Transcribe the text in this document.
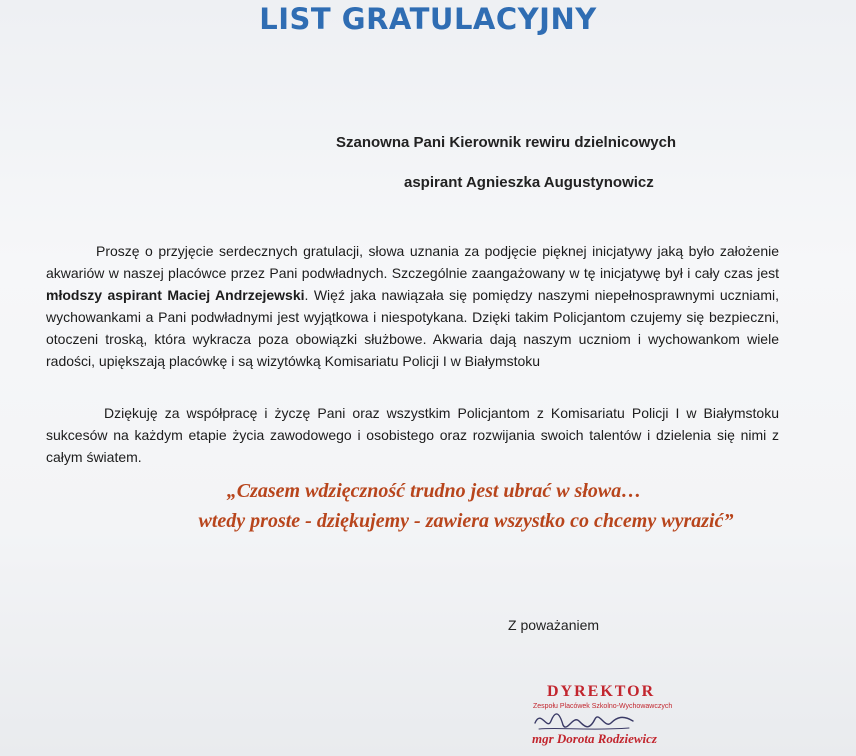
LIST GRATULACYJNY
Szanowna Pani Kierownik rewiru dzielnicowych
aspirant Agnieszka Augustynowicz

Proszę o przyjęcie serdecznych gratulacji, słowa uznania za podjęcie pięknej inicjatywy jaką było założenie akwariów w naszej placówce przez Pani podwładnych. Szczególnie zaangażowany w tę inicjatywę był i cały czas jest młodszy aspirant Maciej Andrzejewski. Więź jaka nawiązała się pomiędzy naszymi niepełnosprawnymi uczniami, wychowankami a Pani podwładnymi jest wyjątkowa i niespotykana. Dzięki takim Policjantom czujemy się bezpieczni, otoczeni troską, która wykracza poza obowiązki służbowe. Akwaria dają naszym uczniom i wychowankom wiele radości, upiększają placówkę i są wizytówką Komisariatu Policji I w Białymstoku

Dziękuję za współpracę i życzę Pani oraz wszystkim Policjantom z Komisariatu Policji I w Białymstoku sukcesów na każdym etapie życia zawodowego i osobistego oraz rozwijania swoich talentów i dzielenia się nimi z całym światem.

„Czasem wdzięczność trudno jest ubrać w słowa…
wtedy proste - dziękujemy - zawiera wszystko co chcemy wyrazić”
Z poważaniem
DYREKTOR
Zespołu Placówek Szkolno-Wychowawczych
mgr Dorota Rodziewicz
